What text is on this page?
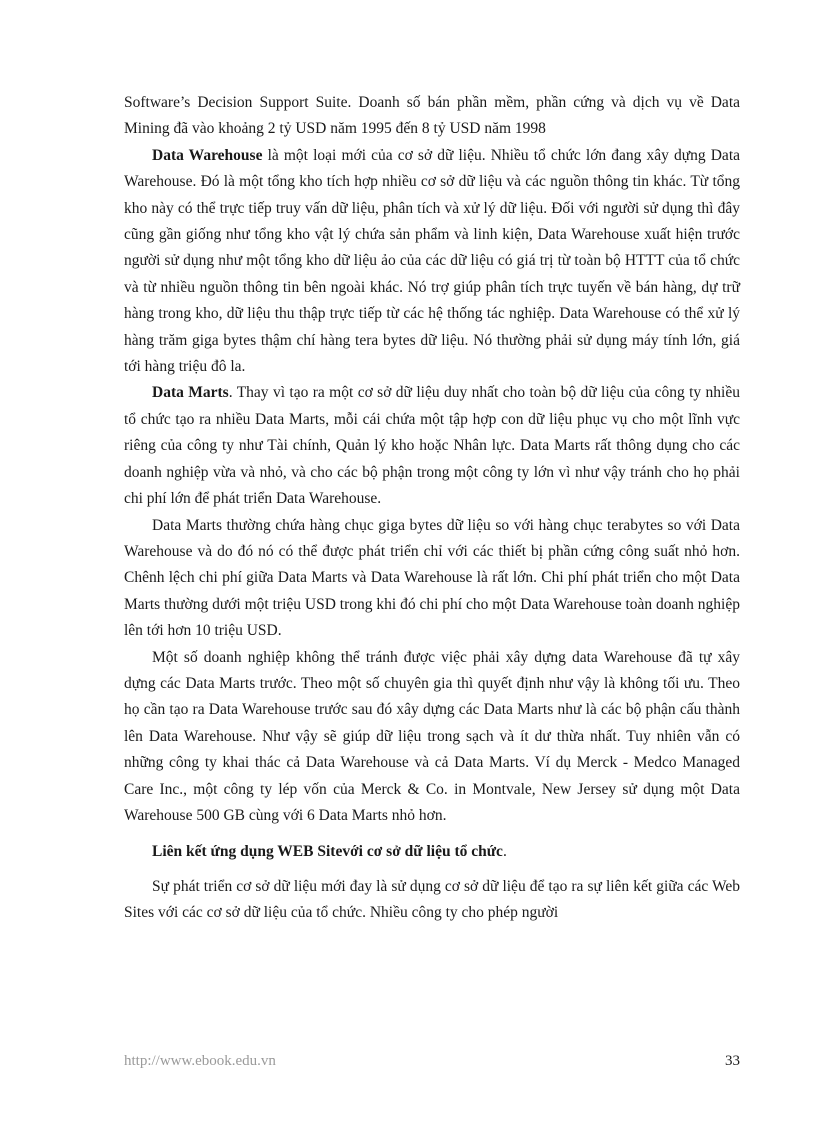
Software’s Decision Support Suite. Doanh số bán phần mềm, phần cứng và dịch vụ về Data Mining đã vào khoảng 2 tỷ USD năm 1995 đến 8 tỷ USD năm 1998

Data Warehouse là một loại mới của cơ sở dữ liệu. Nhiều tổ chức lớn đang xây dựng Data Warehouse. Đó là một tổng kho tích hợp nhiều cơ sở dữ liệu và các nguồn thông tin khác. Từ tổng kho này có thể trực tiếp truy vấn dữ liệu, phân tích và xử lý dữ liệu. Đối với người sử dụng thì đây cũng gần giống như tổng kho vật lý chứa sản phẩm và linh kiện, Data Warehouse xuất hiện trước người sử dụng như một tổng kho dữ liệu ảo của các dữ liệu có giá trị từ toàn bộ HTTT của tổ chức và từ nhiều nguồn thông tin bên ngoài khác. Nó trợ giúp phân tích trực tuyến về bán hàng, dự trữ hàng trong kho, dữ liệu thu thập trực tiếp từ các hệ thống tác nghiệp. Data Warehouse có thể xử lý hàng trăm giga bytes thậm chí hàng tera bytes dữ liệu. Nó thường phải sử dụng máy tính lớn, giá tới hàng triệu đô la.

Data Marts. Thay vì tạo ra một cơ sở dữ liệu duy nhất cho toàn bộ dữ liệu của công ty nhiều tổ chức tạo ra nhiều Data Marts, mỗi cái chứa một tập hợp con dữ liệu phục vụ cho một lĩnh vực riêng của công ty như Tài chính, Quản lý kho hoặc Nhân lực. Data Marts rất thông dụng cho các doanh nghiệp vừa và nhỏ, và cho các bộ phận trong một công ty lớn vì như vậy tránh cho họ phải chi phí lớn để phát triển Data Warehouse.

Data Marts thường chứa hàng chục giga bytes dữ liệu so với hàng chục terabytes so với Data Warehouse và do đó nó có thể được phát triển chỉ với các thiết bị phần cứng công suất nhỏ hơn. Chênh lệch chi phí giữa Data Marts và Data Warehouse là rất lớn. Chi phí phát triển cho một Data Marts thường dưới một triệu USD trong khi đó chi phí cho một Data Warehouse toàn doanh nghiệp lên tới hơn 10 triệu USD.

Một số doanh nghiệp không thể tránh được việc phải xây dựng data Warehouse đã tự xây dựng các Data Marts trước. Theo một số chuyên gia thì quyết định như vậy là không tối ưu. Theo họ cần tạo ra Data Warehouse trước sau đó xây dựng các Data Marts như là các bộ phận cấu thành lên Data Warehouse. Như vậy sẽ giúp dữ liệu trong sạch và ít dư thừa nhất. Tuy nhiên vẫn có những công ty khai thác cả Data Warehouse và cả Data Marts. Ví dụ Merck - Medco Managed Care Inc., một công ty lép vốn của Merck & Co. in Montvale, New Jersey sử dụng một Data Warehouse 500 GB cùng với 6 Data Marts nhỏ hơn.

Liên kết ứng dụng WEB Sitevới cơ sở dữ liệu tổ chức.

Sự phát triển cơ sở dữ liệu mới đay là sử dụng cơ sở dữ liệu để tạo ra sự liên kết giữa các Web Sites với các cơ sở dữ liệu của tổ chức. Nhiều công ty cho phép người

http://www.ebook.edu.vn	33
